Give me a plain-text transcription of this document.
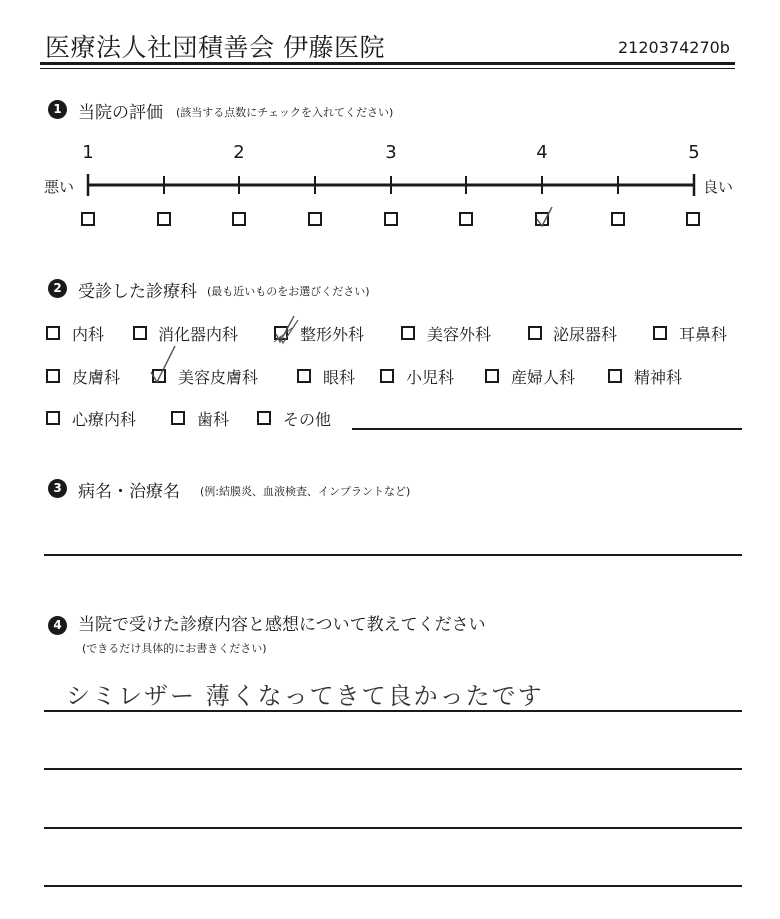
医療法人社団積善会 伊藤医院	2120374270b
1 当院の評価 (該当する点数にチェックを入れてください)
1	2	3	4	5
悪い	良い
2 受診した診療科 (最も近いものをお選びください)
内科	消化器内科	整形外科	美容外科	泌尿器科	耳鼻科
皮膚科	美容皮膚科	眼科	小児科	産婦人科	精神科
心療内科	歯科	その他
3 病名・治療名 (例:結膜炎、血液検査、インプラントなど)
4 当院で受けた診療内容と感想について教えてください
(できるだけ具体的にお書きください)
シミレザー 薄くなってきて良かったです
